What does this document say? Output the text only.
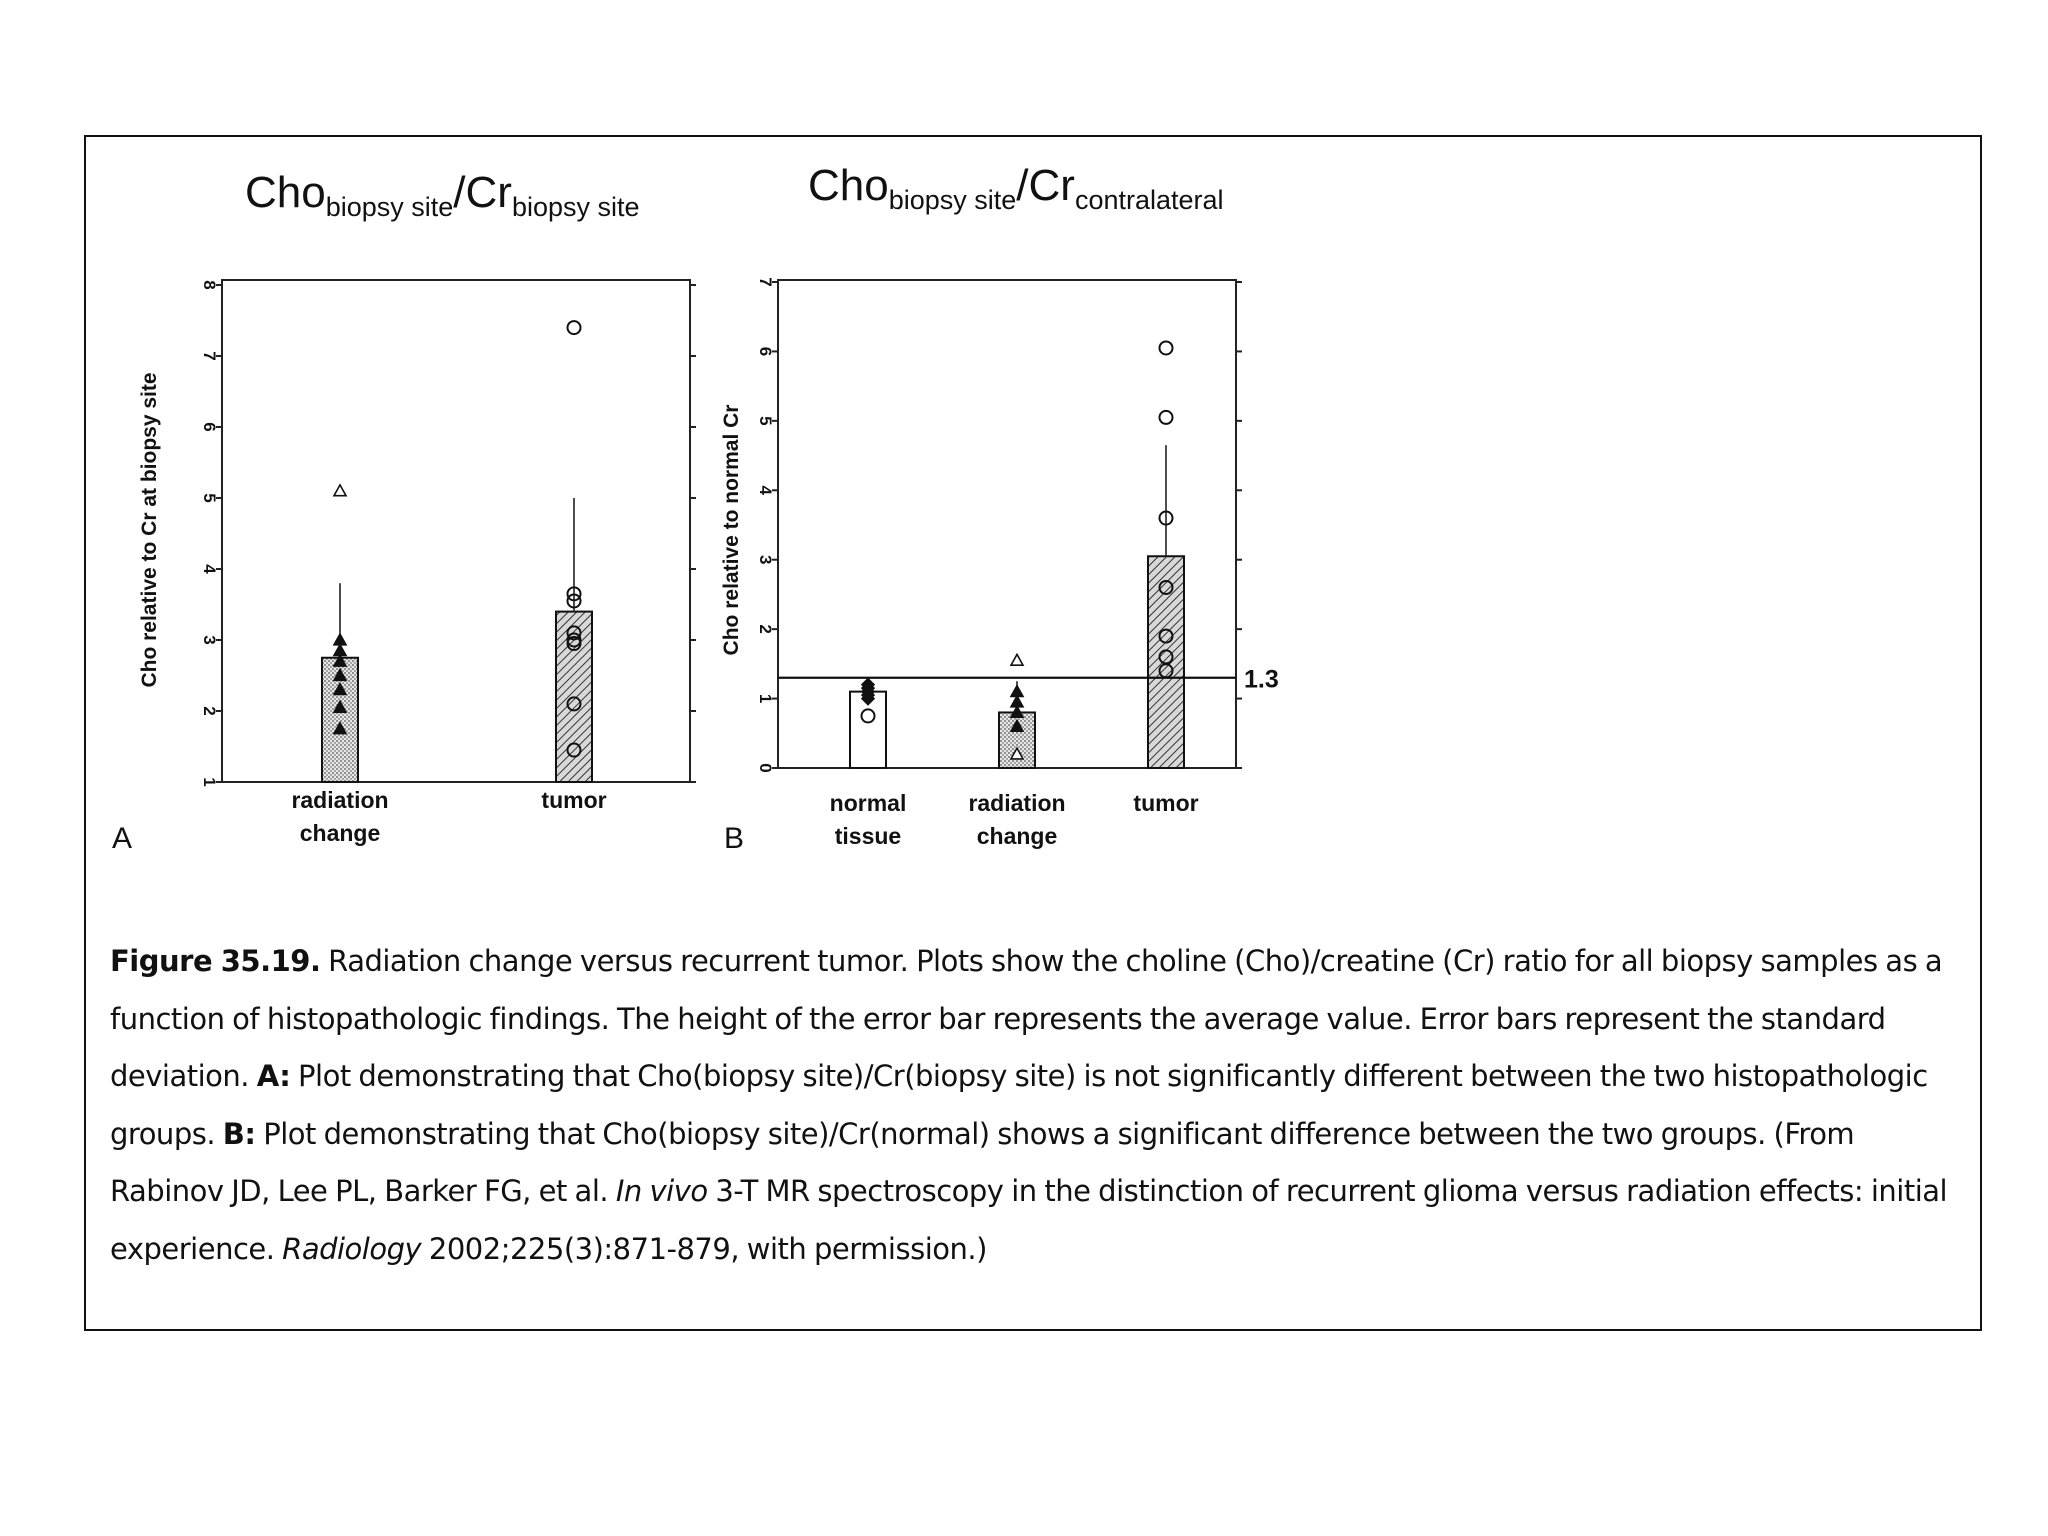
Chobiopsy site/Crbiopsy site	Chobiopsy site/Crcontralateral
Cho relative to Cr at biopsy site
1
2
3
4
5
6
7
8
radiation
change
tumor
A
Cho relative to normal Cr
0
1
2
3
4
5
6
7
1.3
normal
tissue
radiation
change
tumor
B
Figure 35.19. Radiation change versus recurrent tumor. Plots show the choline (Cho)/creatine (Cr) ratio for all biopsy samples as a function of histopathologic findings. The height of the error bar represents the average value. Error bars represent the standard deviation. A: Plot demonstrating that Cho(biopsy site)/Cr(biopsy site) is not significantly different between the two histopathologic groups. B: Plot demonstrating that Cho(biopsy site)/Cr(normal) shows a significant difference between the two groups. (From Rabinov JD, Lee PL, Barker FG, et al. In vivo 3-T MR spectroscopy in the distinction of recurrent glioma versus radiation effects: initial experience. Radiology 2002;225(3):871-879, with permission.)
